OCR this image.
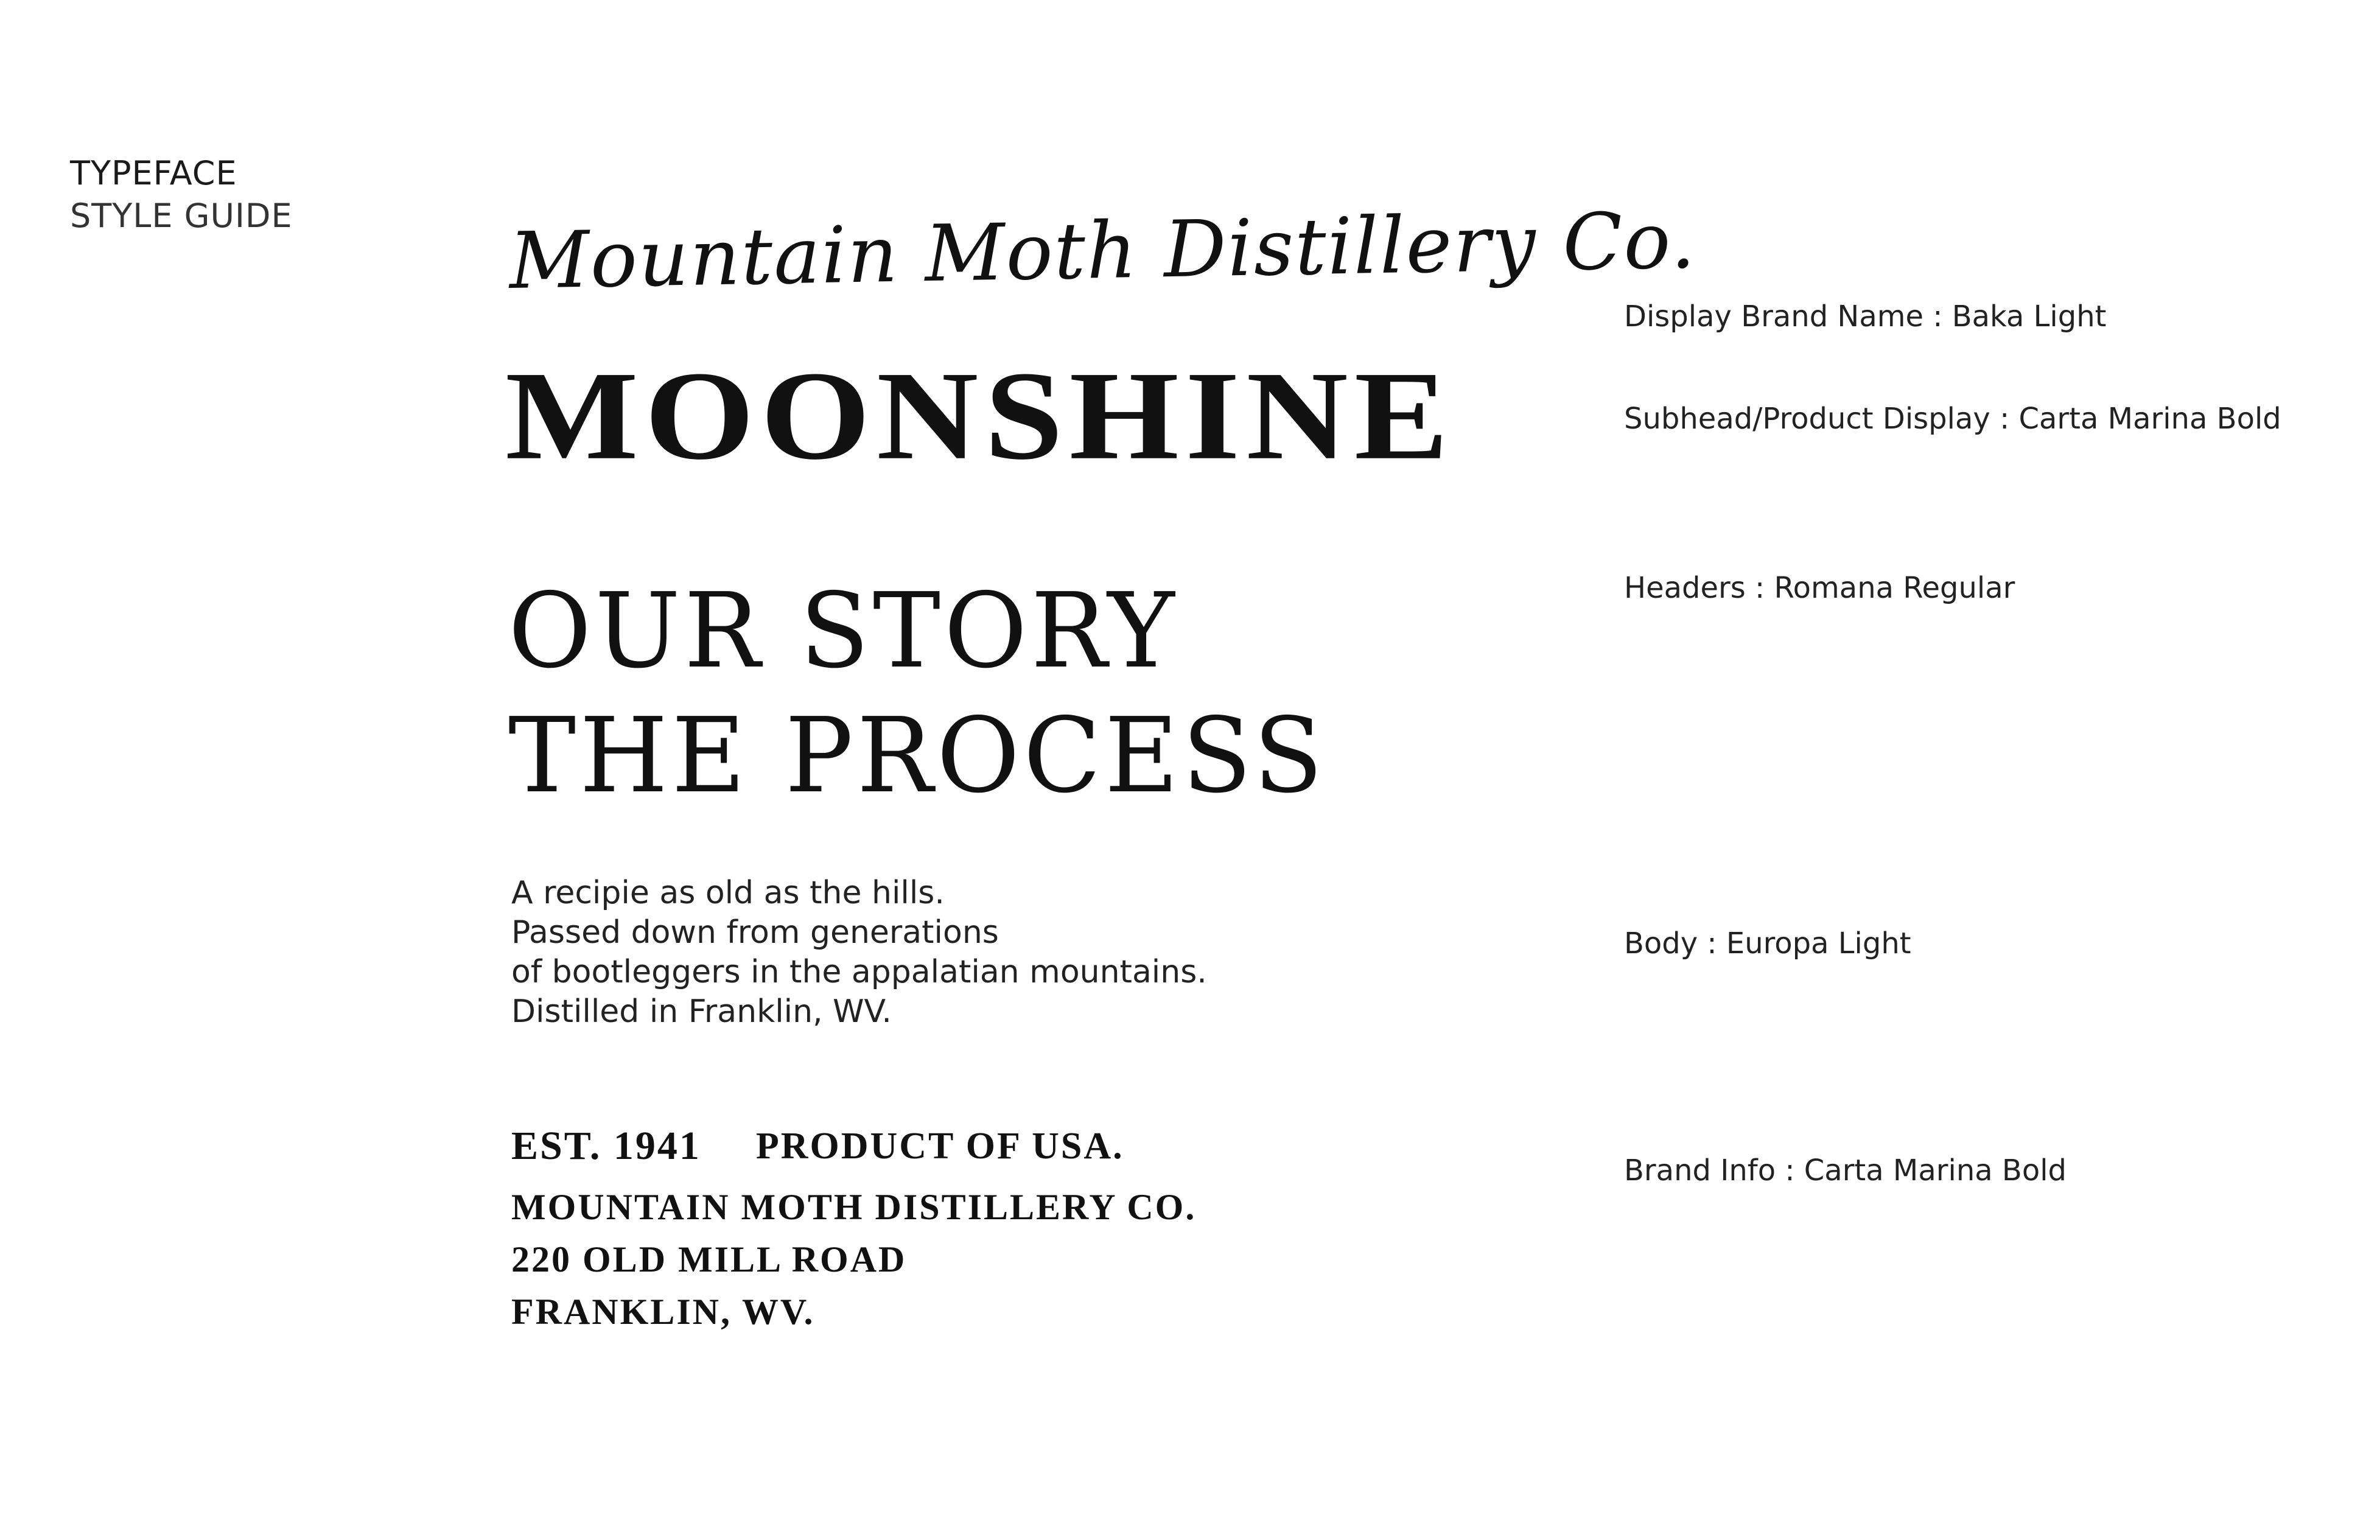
TYPEFACE
STYLE GUIDE	Mountain Moth Distillery Co.
MOONSHINE
OUR STORY
THE PROCESS
A recipie as old as the hills.
Passed down from generations
of bootleggers in the appalatian mountains.
Distilled in Franklin, WV.
EST. 1941 PRODUCT OF USA.
MOUNTAIN MOTH DISTILLERY CO.
220 OLD MILL ROAD
FRANKLIN, WV.
Display Brand Name : Baka Light
Subhead/Product Display : Carta Marina Bold
Headers : Romana Regular
Body : Europa Light
Brand Info : Carta Marina Bold
